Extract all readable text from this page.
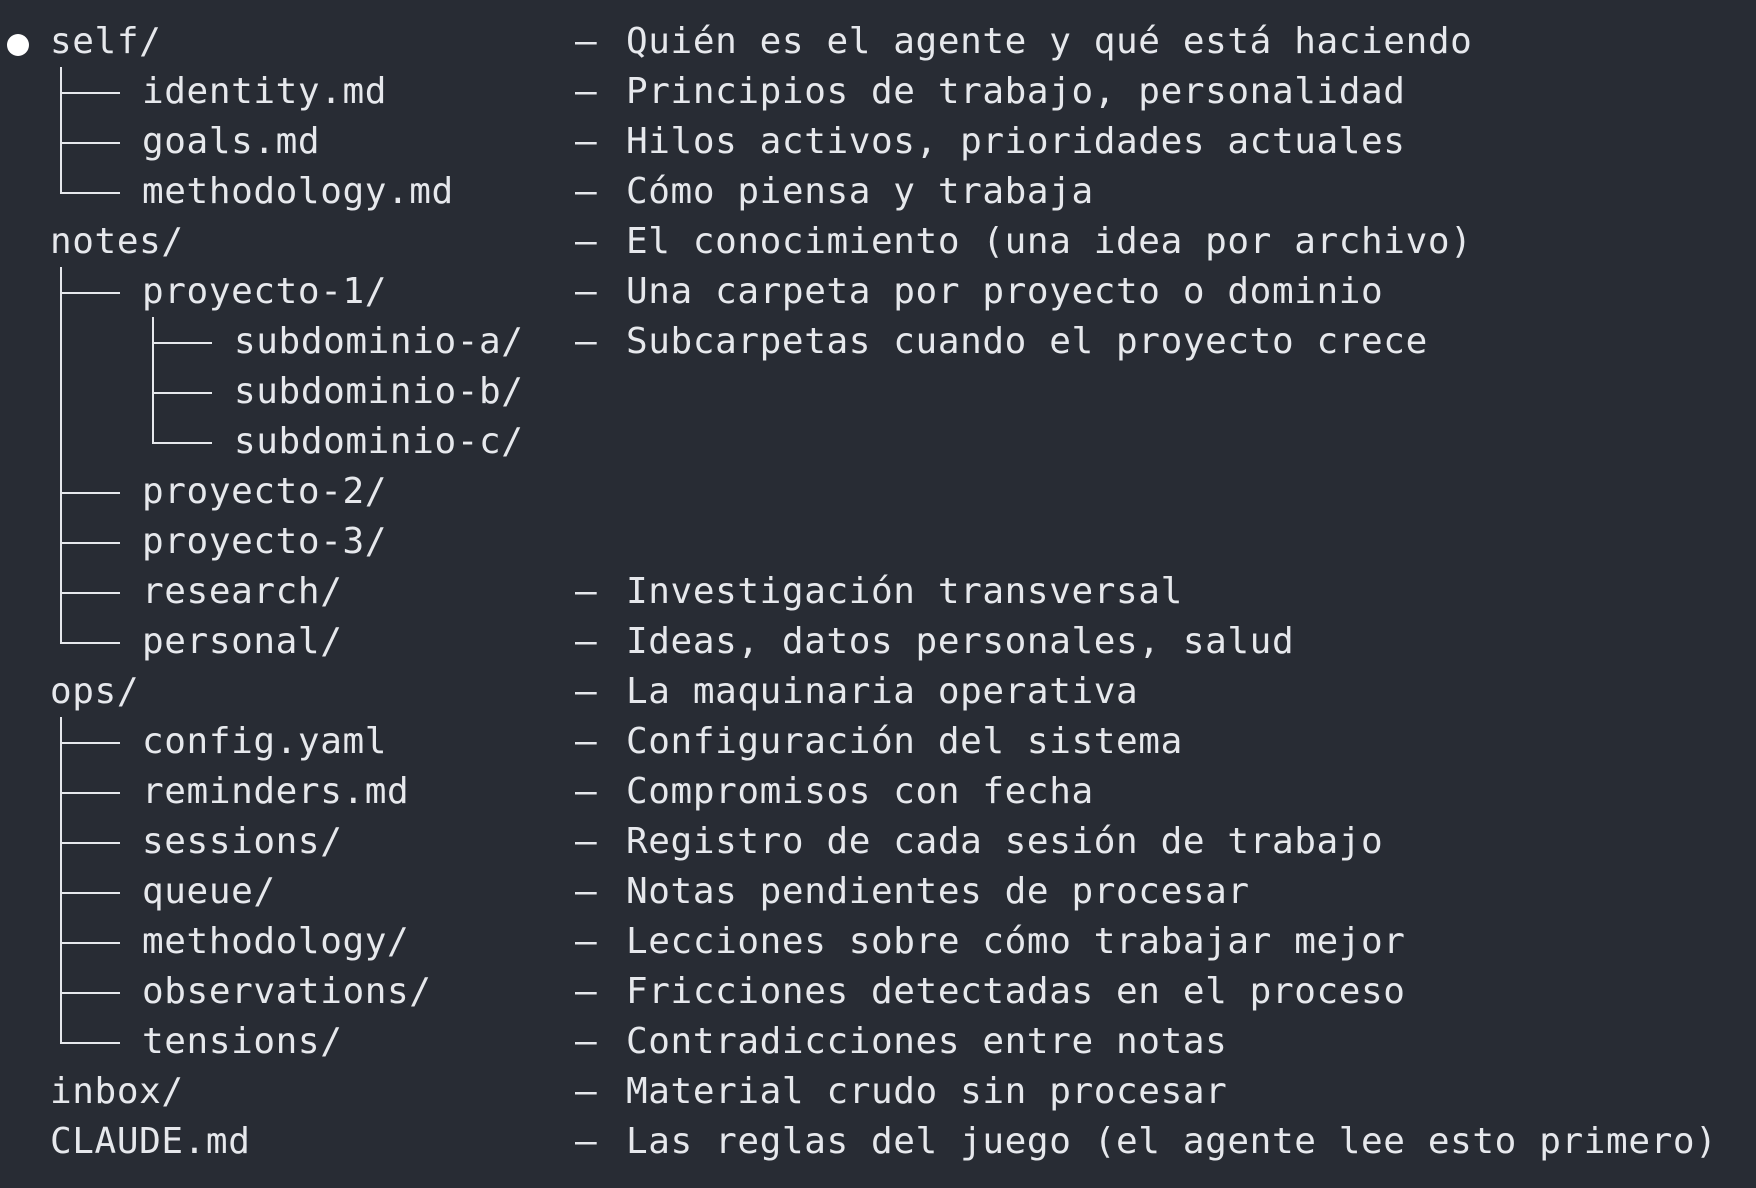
self/	— Quién es el agente y qué está haciendo
identity.md	— Principios de trabajo, personalidad
goals.md	— Hilos activos, prioridades actuales
methodology.md	— Cómo piensa y trabaja
notes/	— El conocimiento (una idea por archivo)
proyecto-1/	— Una carpeta por proyecto o dominio
subdominio-a/ — Subcarpetas cuando el proyecto crece
subdominio-b/
subdominio-c/
proyecto-2/
proyecto-3/
research/	— Investigación transversal
personal/	— Ideas, datos personales, salud
ops/	— La maquinaria operativa
config.yaml	— Configuración del sistema
reminders.md	— Compromisos con fecha
sessions/	— Registro de cada sesión de trabajo
queue/	— Notas pendientes de procesar
methodology/	— Lecciones sobre cómo trabajar mejor
observations/	— Fricciones detectadas en el proceso
tensions/	— Contradicciones entre notas
inbox/	— Material crudo sin procesar
CLAUDE.md	— Las reglas del juego (el agente lee esto primero)
